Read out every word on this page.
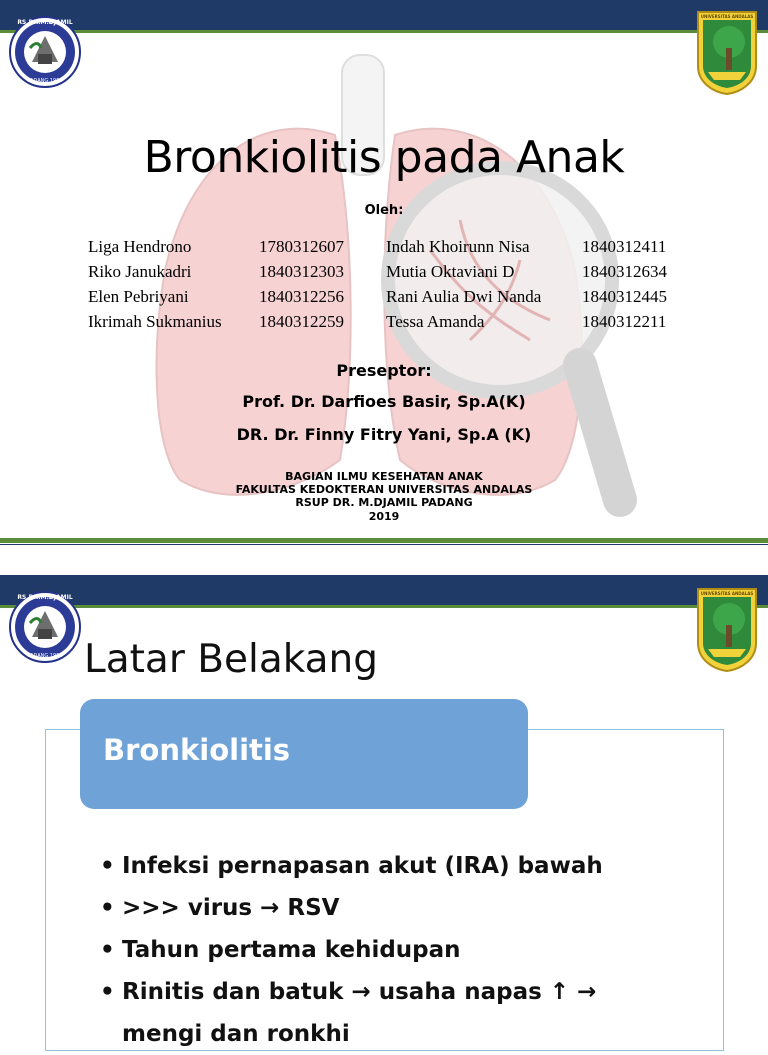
RS.DR.M.DJAMIL
PADANG 1953
UNIVERSITAS ANDALAS
Bronkiolitis pada Anak
Oleh:
Liga Hendrono	1780312607
Riko Janukadri	1840312303
Elen Pebriyani	1840312256
Ikrimah Sukmanius 1840312259
Indah Khoirunn Nisa	1840312411
Mutia Oktaviani D	1840312634
Rani Aulia Dwi Nanda 1840312445
Tessa Amanda	1840312211
Preseptor:
Prof. Dr. Darfioes Basir, Sp.A(K)
DR. Dr. Finny Fitry Yani, Sp.A (K)
BAGIAN ILMU KESEHATAN ANAK
FAKULTAS KEDOKTERAN UNIVERSITAS ANDALAS
RSUP DR. M.DJAMIL PADANG
2019
RS.DR.M.DJAMIL
PADANG 1953
UNIVERSITAS ANDALAS
Latar Belakang
Bronkiolitis
• Infeksi pernapasan akut (IRA) bawah
• >>> virus → RSV
• Tahun pertama kehidupan
• Rinitis dan batuk → usaha napas ↑ →
mengi dan ronkhi
